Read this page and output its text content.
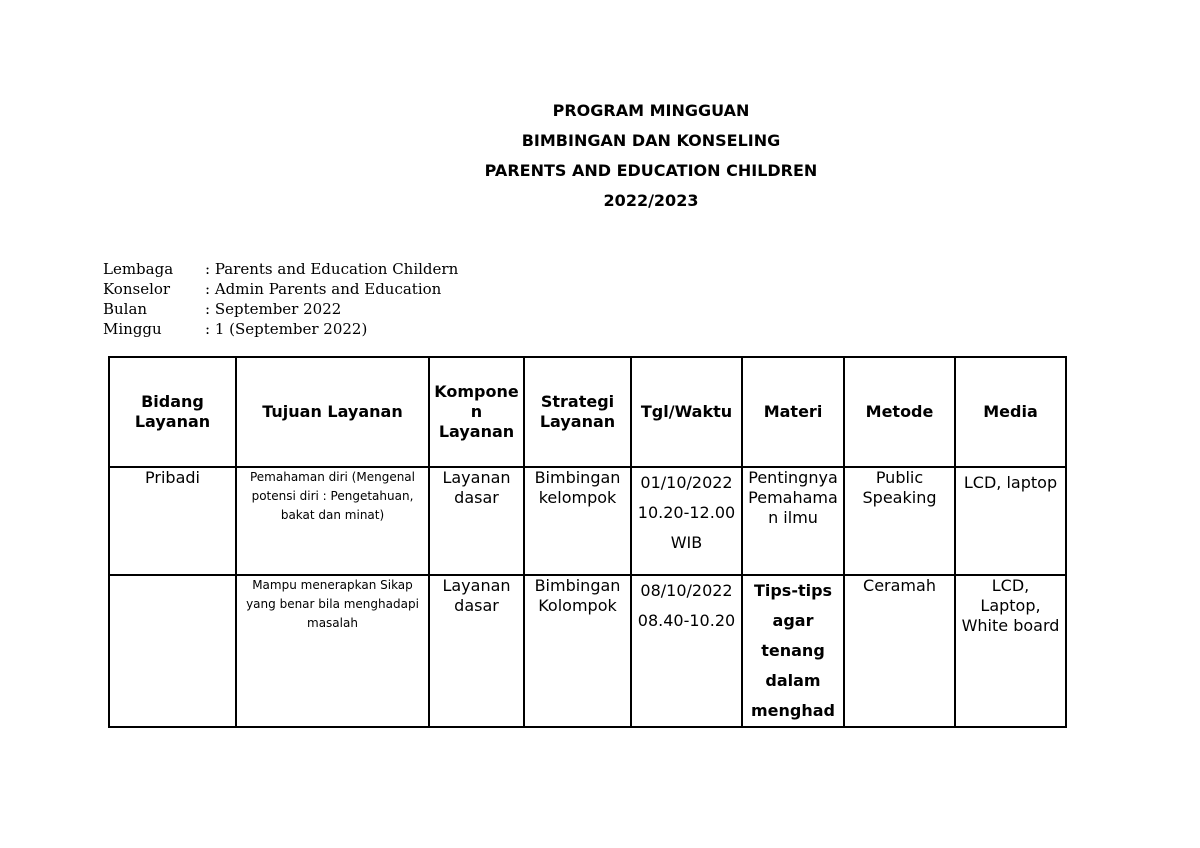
PROGRAM MINGGUAN
BIMBINGAN DAN KONSELING
PARENTS AND EDUCATION CHILDREN
2022/2023
Lembaga	: Parents and Education Childern
Konselor	: Admin Parents and Education
Bulan	: September 2022
Minggu	: 1 (September 2022)
Bidang Layanan	Tujuan Layanan	Komponen Layanan	Strategi Layanan	Tgl/Waktu	Materi	Metode	Media
Pribadi	Pemahaman diri (Mengenal potensi diri : Pengetahuan, bakat dan minat)	Layanan dasar	Bimbingan kelompok	01/10/2022 10.20-12.00 WIB	Pentingnya Pemahaman ilmu	Public Speaking	LCD, laptop
	Mampu menerapkan Sikap yang benar bila menghadapi masalah	Layanan dasar	Bimbingan Kolompok	08/10/2022 08.40-10.20	Tips-tips agar tenang dalam menghad	Ceramah	LCD, Laptop, White board
